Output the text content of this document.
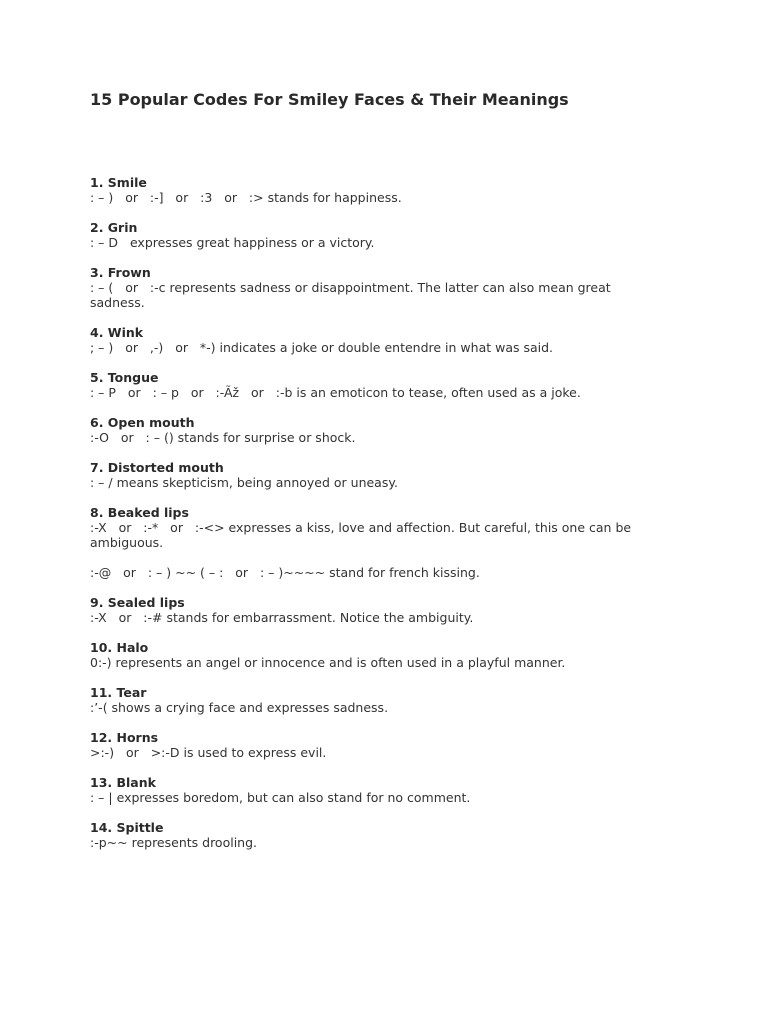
15 Popular Codes For Smiley Faces & Their Meanings
1. Smile
: – )   or   :-]   or   :3   or   :> stands for happiness.
2. Grin
: – D   expresses great happiness or a victory.
3. Frown
: – (   or   :-c represents sadness or disappointment. The latter can also mean great sadness.
4. Wink
; – )   or   ,-)   or   *-) indicates a joke or double entendre in what was said.
5. Tongue
: – P   or   : – p   or   :-Ãž   or   :-b is an emoticon to tease, often used as a joke.
6. Open mouth
:-O   or   : – () stands for surprise or shock.
7. Distorted mouth
: – / means skepticism, being annoyed or uneasy.
8. Beaked lips
:-X   or   :-*   or   :-<> expresses a kiss, love and affection. But careful, this one can be ambiguous.
:-@   or   : – ) ~~ ( – :   or   : – )~~~~ stand for french kissing.
9. Sealed lips
:-X   or   :-# stands for embarrassment. Notice the ambiguity.
10. Halo
0:-) represents an angel or innocence and is often used in a playful manner.
11. Tear
:’-( shows a crying face and expresses sadness.
12. Horns
>:-)   or   >:-D is used to express evil.
13. Blank
: – | expresses boredom, but can also stand for no comment.
14. Spittle
:-p~~ represents drooling.
